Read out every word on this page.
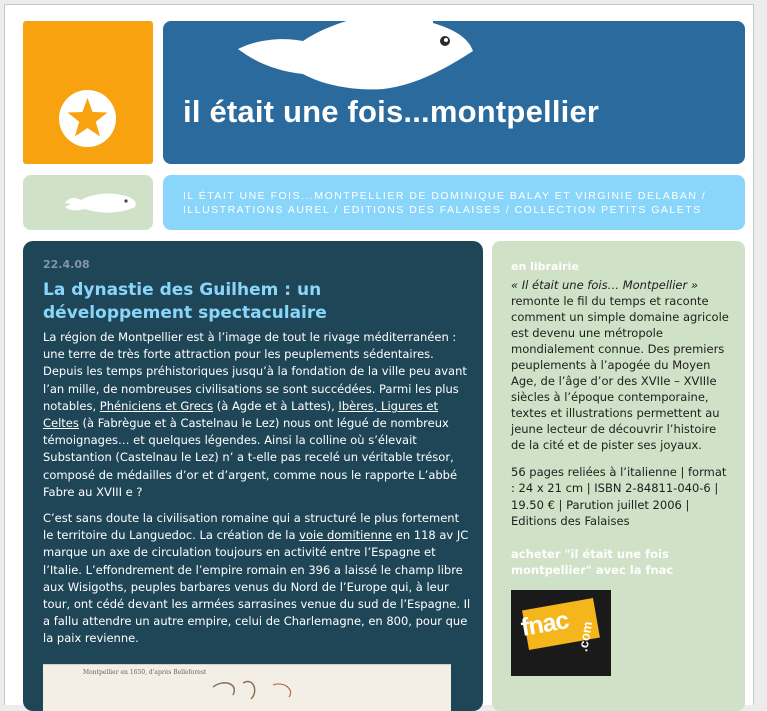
il était une fois...montpellier
IL ÉTAIT UNE FOIS...MONTPELLIER DE DOMINIQUE BALAY ET VIRGINIE DELABAN / ILLUSTRATIONS AUREL / EDITIONS DES FALAISES / COLLECTION PETITS GALETS
22.4.08
La dynastie des Guilhem : un développement spectaculaire

La région de Montpellier est à l’image de tout le rivage méditerranéen : une terre de très forte attraction pour les peuplements sédentaires. Depuis les temps préhistoriques jusqu’à la fondation de la ville peu avant l’an mille, de nombreuses civilisations se sont succédées. Parmi les plus notables, Phéniciens et Grecs (à Agde et à Lattes), Ibères, Ligures et Celtes (à Fabrègue et à Castelnau le Lez) nous ont légué de nombreux témoignages… et quelques légendes. Ainsi la colline où s’élevait Substantion (Castelnau le Lez) n’ a t-elle pas recelé un véritable trésor, composé de médailles d’or et d’argent, comme nous le rapporte L’abbé Fabre au XVIII e ?

C’est sans doute la civilisation romaine qui a structuré le plus fortement le territoire du Languedoc. La création de la voie domitienne en 118 av JC marque un axe de circulation toujours en activité entre l’Espagne et l’Italie. L’effondrement de l’empire romain en 396 a laissé le champ libre aux Wisigoths, peuples barbares venus du Nord de l’Europe qui, à leur tour, ont cédé devant les armées sarrasines venue du sud de l’Espagne. Il a fallu attendre un autre empire, celui de Charlemagne, en 800, pour que la paix revienne.

Montpellier en 1650, d'après Belleforest
en librairie
« Il était une fois… Montpellier » remonte le fil du temps et raconte comment un simple domaine agricole est devenu une métropole mondialement connue. Des premiers peuplements à l’apogée du Moyen Age, de l’âge d’or des XVIIe – XVIIIe siècles à l’époque contemporaine, textes et illustrations permettent au jeune lecteur de découvrir l’histoire de la cité et de pister ses joyaux.
56 pages reliées à l’italienne | format : 24 x 21 cm | ISBN 2-84811-040-6 | 19.50 € | Parution juillet 2006 | Editions des Falaises
acheter "il était une fois montpellier" avec la fnac
fnac .com
